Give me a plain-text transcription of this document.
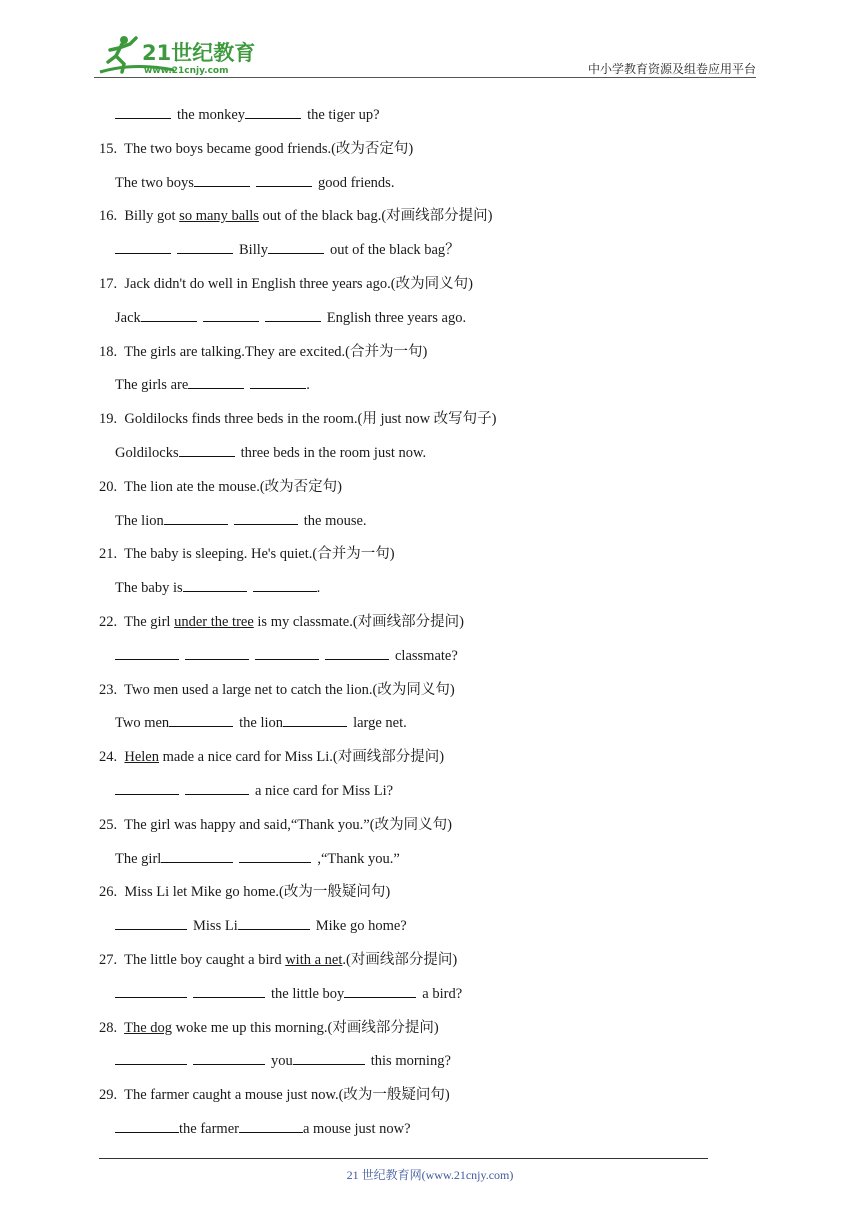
21世纪教育
www.21cnjy.com	中小学教育资源及组卷应用平台
the monkey	the tiger up?
15. The two boys became good friends.(改为否定句)
The two boys	good friends.
16. Billy got so many balls out of the black bag.(对画线部分提问)
Billy	out of the black bag？
17. Jack didn't do well in English three years ago.(改为同义句)
Jack	English three years ago.
18. The girls are talking.They are excited.(合并为一句)
The girls are	.
19. Goldilocks finds three beds in the room.(用 just now 改写句子)
Goldilocks	three beds in the room just now.
20. The lion ate the mouse.(改为否定句)
The lion	the mouse.
21. The baby is sleeping. He's quiet.(合并为一句)
The baby is	.
22. The girl under the tree is my classmate.(对画线部分提问)
classmate?
23. Two men used a large net to catch the lion.(改为同义句)
Two men	the lion	large net.
24. Helen made a nice card for Miss Li.(对画线部分提问)
a nice card for Miss Li?
25. The girl was happy and said,“Thank you.”(改为同义句)
The girl	,“Thank you.”
26. Miss Li let Mike go home.(改为一般疑问句)
Miss Li	Mike go home?
27. The little boy caught a bird with a net.(对画线部分提问)
the little boy	a bird?
28. The dog woke me up this morning.(对画线部分提问)
you	this morning?
29. The farmer caught a mouse just now.(改为一般疑问句)
the farmer	a mouse just now?
21 世纪教育网(www.21cnjy.com)
